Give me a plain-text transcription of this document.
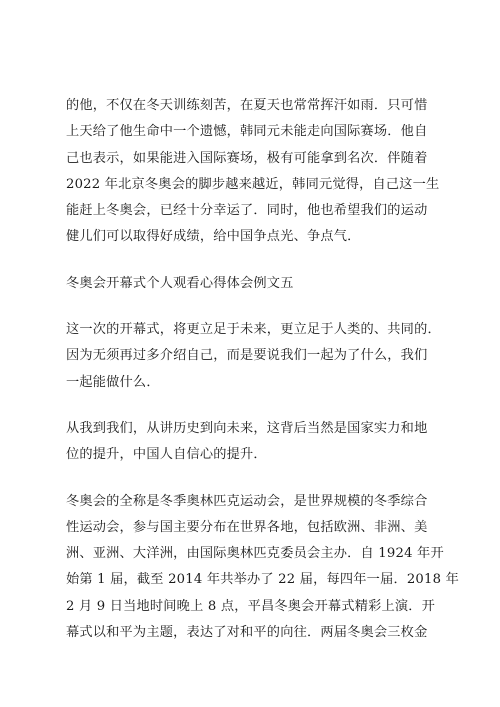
的他，不仅在冬天训练刻苦，在夏天也常常挥汗如雨．只可惜
上天给了他生命中一个遗憾，韩同元未能走向国际赛场．他自
己也表示，如果能进入国际赛场，极有可能拿到名次．伴随着
2022 年北京冬奥会的脚步越来越近，韩同元觉得，自己这一生
能赶上冬奥会，已经十分幸运了．同时，他也希望我们的运动
健儿们可以取得好成绩，给中国争点光、争点气．
冬奥会开幕式个人观看心得体会例文五
这一次的开幕式，将更立足于未来，更立足于人类的、共同的．
因为无须再过多介绍自己，而是要说我们一起为了什么，我们
一起能做什么．
从我到我们，从讲历史到向未来，这背后当然是国家实力和地
位的提升，中国人自信心的提升．
冬奥会的全称是冬季奥林匹克运动会，是世界规模的冬季综合
性运动会，参与国主要分布在世界各地，包括欧洲、非洲、美
洲、亚洲、大洋洲，由国际奥林匹克委员会主办．自 1924 年开
始第 1 届，截至 2014 年共举办了 22 届，每四年一届．2018 年
2 月 9 日当地时间晚上 8 点，平昌冬奥会开幕式精彩上演．开
幕式以和平为主题，表达了对和平的向往．两届冬奥会三枚金
